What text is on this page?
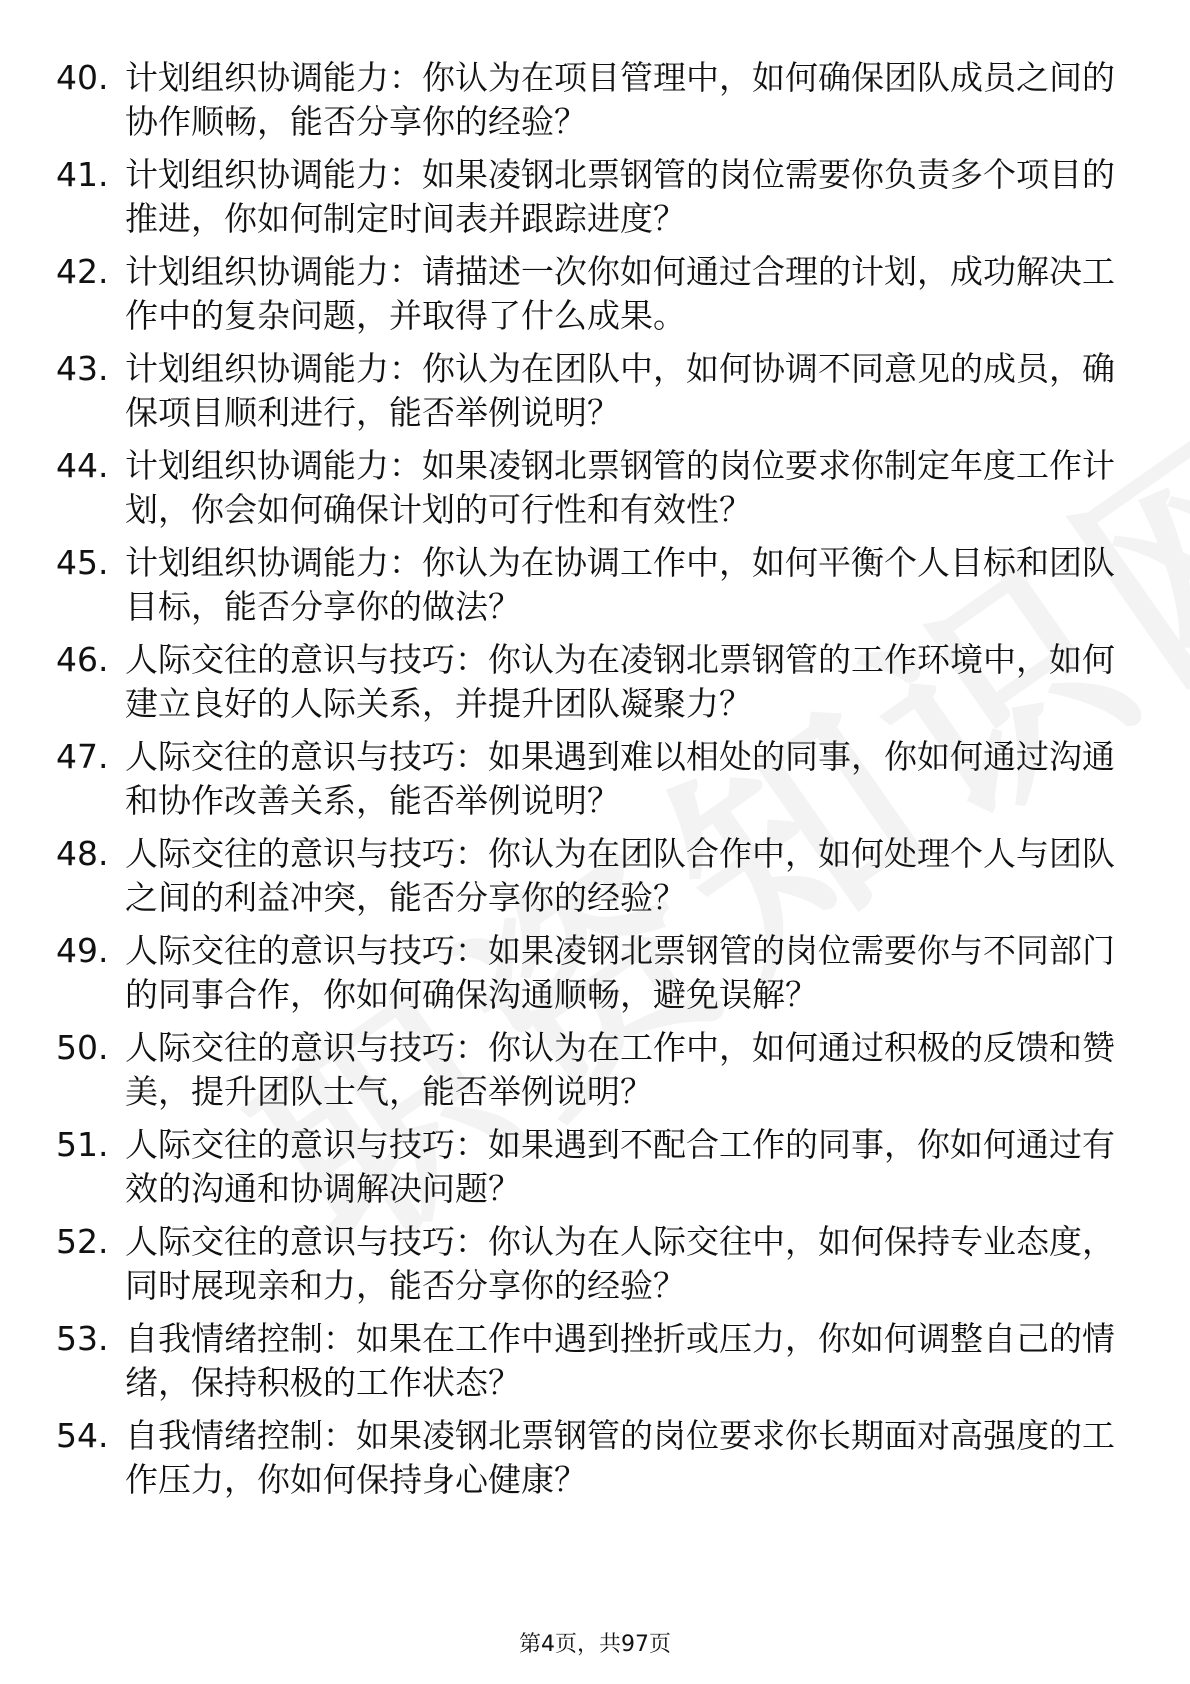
40. 计划组织协调能力：你认为在项目管理中，如何确保团队成员之间的协作顺畅，能否分享你的经验？
41. 计划组织协调能力：如果凌钢北票钢管的岗位需要你负责多个项目的推进，你如何制定时间表并跟踪进度？
42. 计划组织协调能力：请描述一次你如何通过合理的计划，成功解决工作中的复杂问题，并取得了什么成果。
43. 计划组织协调能力：你认为在团队中，如何协调不同意见的成员，确保项目顺利进行，能否举例说明？
44. 计划组织协调能力：如果凌钢北票钢管的岗位要求你制定年度工作计划，你会如何确保计划的可行性和有效性？
45. 计划组织协调能力：你认为在协调工作中，如何平衡个人目标和团队目标，能否分享你的做法？
46. 人际交往的意识与技巧：你认为在凌钢北票钢管的工作环境中，如何建立良好的人际关系，并提升团队凝聚力？
47. 人际交往的意识与技巧：如果遇到难以相处的同事，你如何通过沟通和协作改善关系，能否举例说明？
48. 人际交往的意识与技巧：你认为在团队合作中，如何处理个人与团队之间的利益冲突，能否分享你的经验？
49. 人际交往的意识与技巧：如果凌钢北票钢管的岗位需要你与不同部门的同事合作，你如何确保沟通顺畅，避免误解？
50. 人际交往的意识与技巧：你认为在工作中，如何通过积极的反馈和赞美，提升团队士气，能否举例说明？
51. 人际交往的意识与技巧：如果遇到不配合工作的同事，你如何通过有效的沟通和协调解决问题？
52. 人际交往的意识与技巧：你认为在人际交往中，如何保持专业态度，同时展现亲和力，能否分享你的经验？
53. 自我情绪控制：如果在工作中遇到挫折或压力，你如何调整自己的情绪，保持积极的工作状态？
54. 自我情绪控制：如果凌钢北票钢管的岗位要求你长期面对高强度的工作压力，你如何保持身心健康？
第4页，共97页
